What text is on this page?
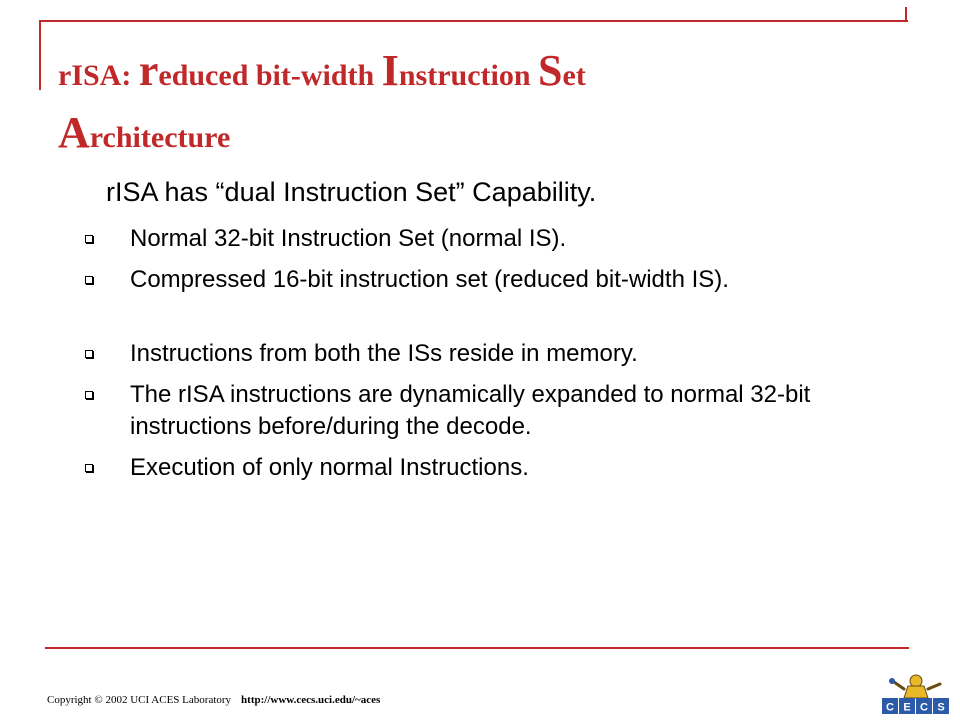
rISA: reduced bit-width Instruction Set
Architecture

rISA has “dual Instruction Set” Capability.

Normal 32-bit Instruction Set (normal IS).
Compressed 16-bit instruction set (reduced bit-width IS).
Instructions from both the ISs reside in memory.
The rISA instructions are dynamically expanded to normal 32-bit instructions before/during the decode.
Execution of only normal Instructions.
Copyright © 2002 UCI ACES Laboratory http://www.cecs.uci.edu/~aces
C E C S
